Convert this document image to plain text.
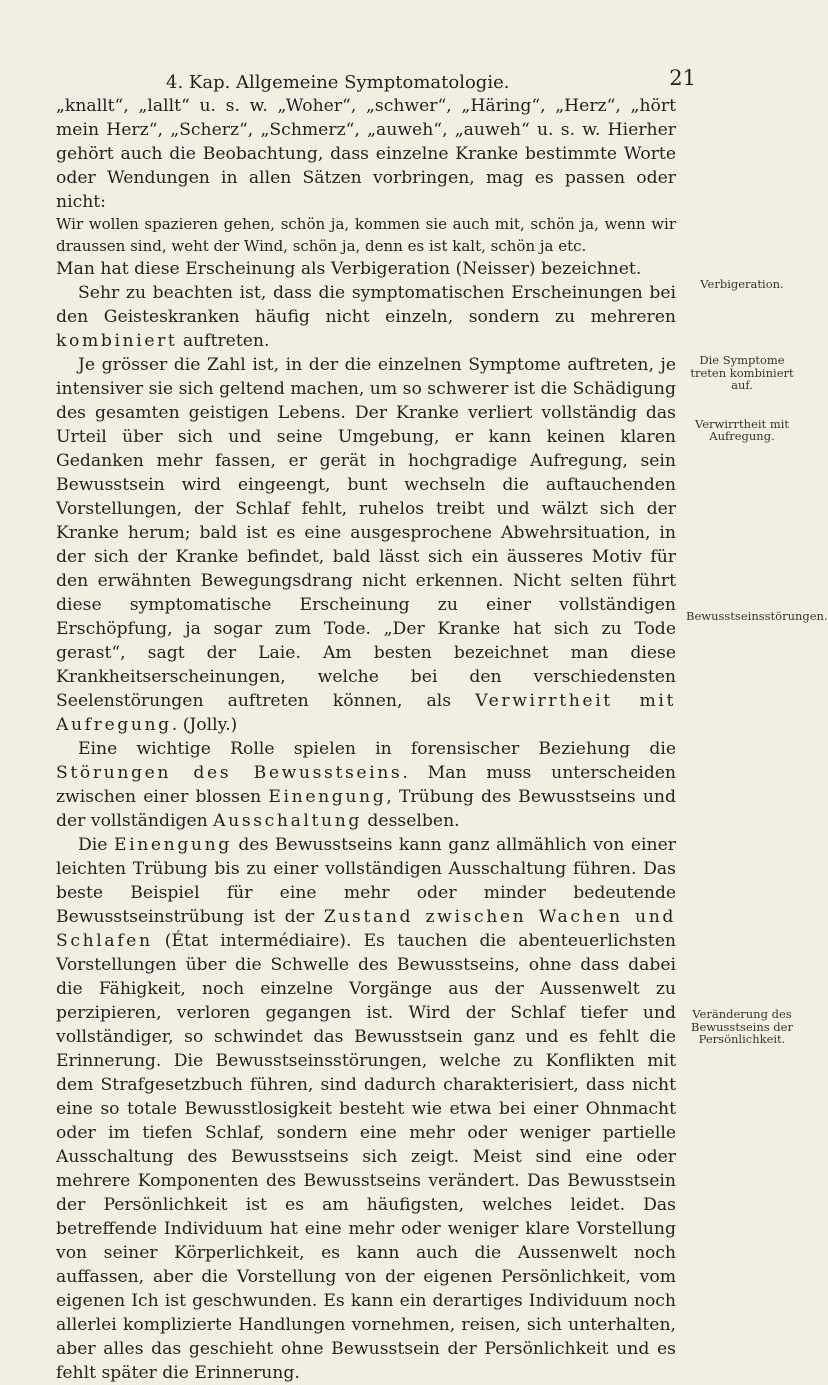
4. Kap. Allgemeine Symptomatologie.	21

„knallt“, „lallt“ u. s. w. „Woher“, „schwer“, „Häring“, „Herz“, „hört mein Herz“, „Scherz“, „Schmerz“, „auweh“, „auweh“ u. s. w. Hierher gehört auch die Beobachtung, dass einzelne Kranke bestimmte Worte oder Wendungen in allen Sätzen vorbringen, mag es passen oder nicht:

Wir wollen spazieren gehen, schön ja, kommen sie auch mit, schön ja, wenn wir draussen sind, weht der Wind, schön ja, denn es ist kalt, schön ja etc.

Man hat diese Erscheinung als Verbigeration (Neisser) bezeichnet.

Sehr zu beachten ist, dass die symptomatischen Erscheinungen bei den Geisteskranken häufig nicht einzeln, sondern zu mehreren kombiniert auftreten.

Je grösser die Zahl ist, in der die einzelnen Symptome auftreten, je intensiver sie sich geltend machen, um so schwerer ist die Schädigung des gesamten geistigen Lebens. Der Kranke verliert vollständig das Urteil über sich und seine Umgebung, er kann keinen klaren Gedanken mehr fassen, er gerät in hochgradige Aufregung, sein Bewusstsein wird eingeengt, bunt wechseln die auftauchenden Vorstellungen, der Schlaf fehlt, ruhelos treibt und wälzt sich der Kranke herum; bald ist es eine ausgesprochene Abwehrsituation, in der sich der Kranke befindet, bald lässt sich ein äusseres Motiv für den erwähnten Bewegungsdrang nicht erkennen. Nicht selten führt diese symptomatische Erscheinung zu einer vollständigen Erschöpfung, ja sogar zum Tode. „Der Kranke hat sich zu Tode gerast“, sagt der Laie. Am besten bezeichnet man diese Krankheitserscheinungen, welche bei den verschiedensten Seelenstörungen auftreten können, als Verwirrtheit mit Aufregung. (Jolly.)

Eine wichtige Rolle spielen in forensischer Beziehung die Störungen des Bewusstseins. Man muss unterscheiden zwischen einer blossen Einengung, Trübung des Bewusstseins und der vollständigen Ausschaltung desselben.

Die Einengung des Bewusstseins kann ganz allmählich von einer leichten Trübung bis zu einer vollständigen Ausschaltung führen. Das beste Beispiel für eine mehr oder minder bedeutende Bewusstseinstrübung ist der Zustand zwischen Wachen und Schlafen (État intermédiaire). Es tauchen die abenteuerlichsten Vorstellungen über die Schwelle des Bewusstseins, ohne dass dabei die Fähigkeit, noch einzelne Vorgänge aus der Aussenwelt zu perzipieren, verloren gegangen ist. Wird der Schlaf tiefer und vollständiger, so schwindet das Bewusstsein ganz und es fehlt die Erinnerung. Die Bewusstseinsstörungen, welche zu Konflikten mit dem Strafgesetzbuch führen, sind dadurch charakterisiert, dass nicht eine so totale Bewusstlosigkeit besteht wie etwa bei einer Ohnmacht oder im tiefen Schlaf, sondern eine mehr oder weniger partielle Ausschaltung des Bewusstseins sich zeigt. Meist sind eine oder mehrere Komponenten des Bewusstseins verändert. Das Bewusstsein der Persönlichkeit ist es am häufigsten, welches leidet. Das betreffende Individuum hat eine mehr oder weniger klare Vorstellung von seiner Körperlichkeit, es kann auch die Aussenwelt noch auffassen, aber die Vorstellung von der eigenen Persönlichkeit, vom eigenen Ich ist geschwunden. Es kann ein derartiges Individuum noch allerlei komplizierte Handlungen vornehmen, reisen, sich unterhalten, aber alles das geschieht ohne Bewusstsein der Persönlichkeit und es fehlt später die Erinnerung.

Verbigeration.
Die Symptome treten kombiniert auf.
Verwirrtheit mit Aufregung.
Bewusstseinsstörungen.
Veränderung des Bewusstseins der Persönlichkeit.
